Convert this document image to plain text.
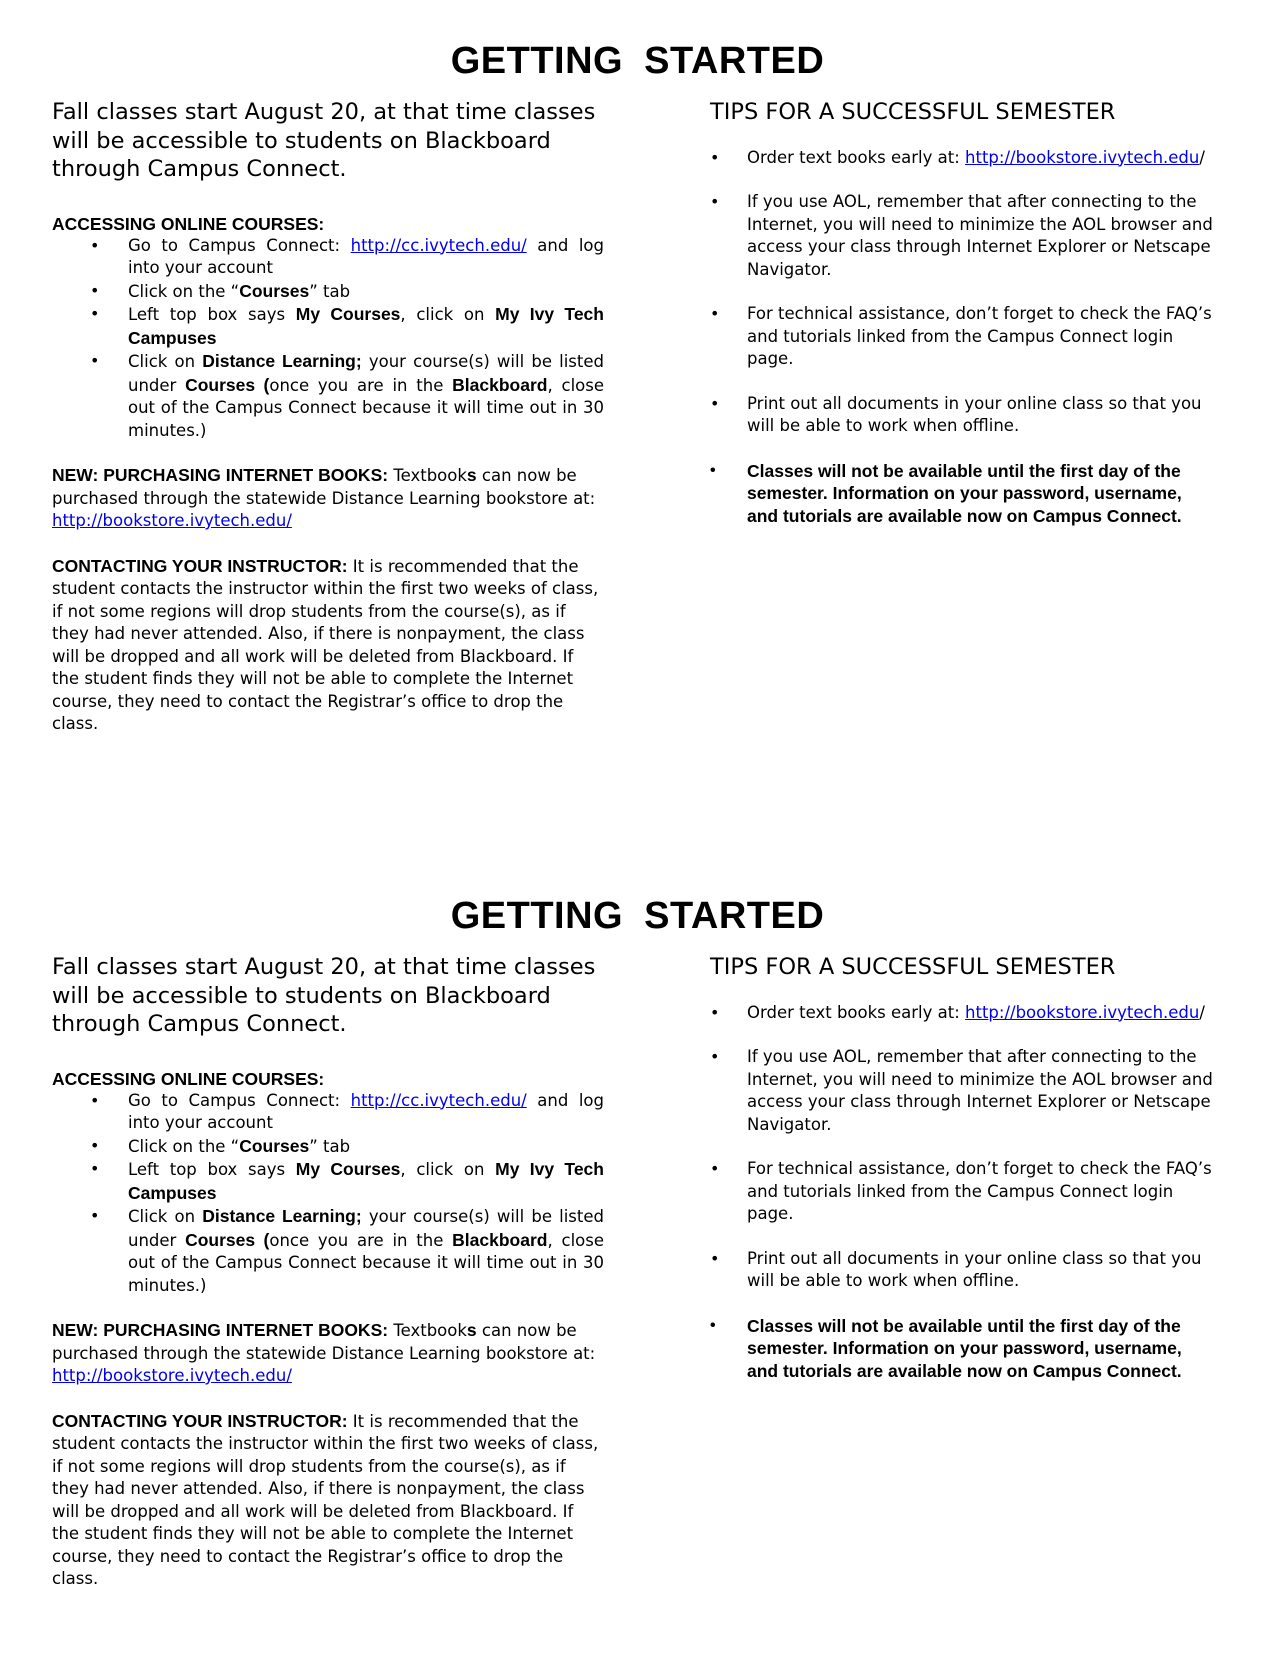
GETTING STARTED

Fall classes start August 20, at that time classes will be accessible to students on Blackboard through Campus Connect.

ACCESSING ONLINE COURSES:
• Go to Campus Connect: http://cc.ivytech.edu/ and log into your account
• Click on the “Courses” tab
• Left top box says My Courses, click on My Ivy Tech Campuses
• Click on Distance Learning; your course(s) will be listed under Courses (once you are in the Blackboard, close out of the Campus Connect because it will time out in 30 minutes.)

NEW: PURCHASING INTERNET BOOKS: Textbooks can now be purchased through the statewide Distance Learning bookstore at: http://bookstore.ivytech.edu/

CONTACTING YOUR INSTRUCTOR: It is recommended that the student contacts the instructor within the first two weeks of class, if not some regions will drop students from the course(s), as if they had never attended. Also, if there is nonpayment, the class will be dropped and all work will be deleted from Blackboard. If the student finds they will not be able to complete the Internet course, they need to contact the Registrar’s office to drop the class.

TIPS FOR A SUCCESSFUL SEMESTER
• Order text books early at: http://bookstore.ivytech.edu/
• If you use AOL, remember that after connecting to the Internet, you will need to minimize the AOL browser and access your class through Internet Explorer or Netscape Navigator.
• For technical assistance, don’t forget to check the FAQ’s and tutorials linked from the Campus Connect login page.
• Print out all documents in your online class so that you will be able to work when offline.
• Classes will not be available until the first day of the semester. Information on your password, username, and tutorials are available now on Campus Connect.
GETTING STARTED

Fall classes start August 20, at that time classes will be accessible to students on Blackboard through Campus Connect.

ACCESSING ONLINE COURSES:
• Go to Campus Connect: http://cc.ivytech.edu/ and log into your account
• Click on the “Courses” tab
• Left top box says My Courses, click on My Ivy Tech Campuses
• Click on Distance Learning; your course(s) will be listed under Courses (once you are in the Blackboard, close out of the Campus Connect because it will time out in 30 minutes.)

NEW: PURCHASING INTERNET BOOKS: Textbooks can now be purchased through the statewide Distance Learning bookstore at: http://bookstore.ivytech.edu/

CONTACTING YOUR INSTRUCTOR: It is recommended that the student contacts the instructor within the first two weeks of class, if not some regions will drop students from the course(s), as if they had never attended. Also, if there is nonpayment, the class will be dropped and all work will be deleted from Blackboard. If the student finds they will not be able to complete the Internet course, they need to contact the Registrar’s office to drop the class.

TIPS FOR A SUCCESSFUL SEMESTER
• Order text books early at: http://bookstore.ivytech.edu/
• If you use AOL, remember that after connecting to the Internet, you will need to minimize the AOL browser and access your class through Internet Explorer or Netscape Navigator.
• For technical assistance, don’t forget to check the FAQ’s and tutorials linked from the Campus Connect login page.
• Print out all documents in your online class so that you will be able to work when offline.
• Classes will not be available until the first day of the semester. Information on your password, username, and tutorials are available now on Campus Connect.
